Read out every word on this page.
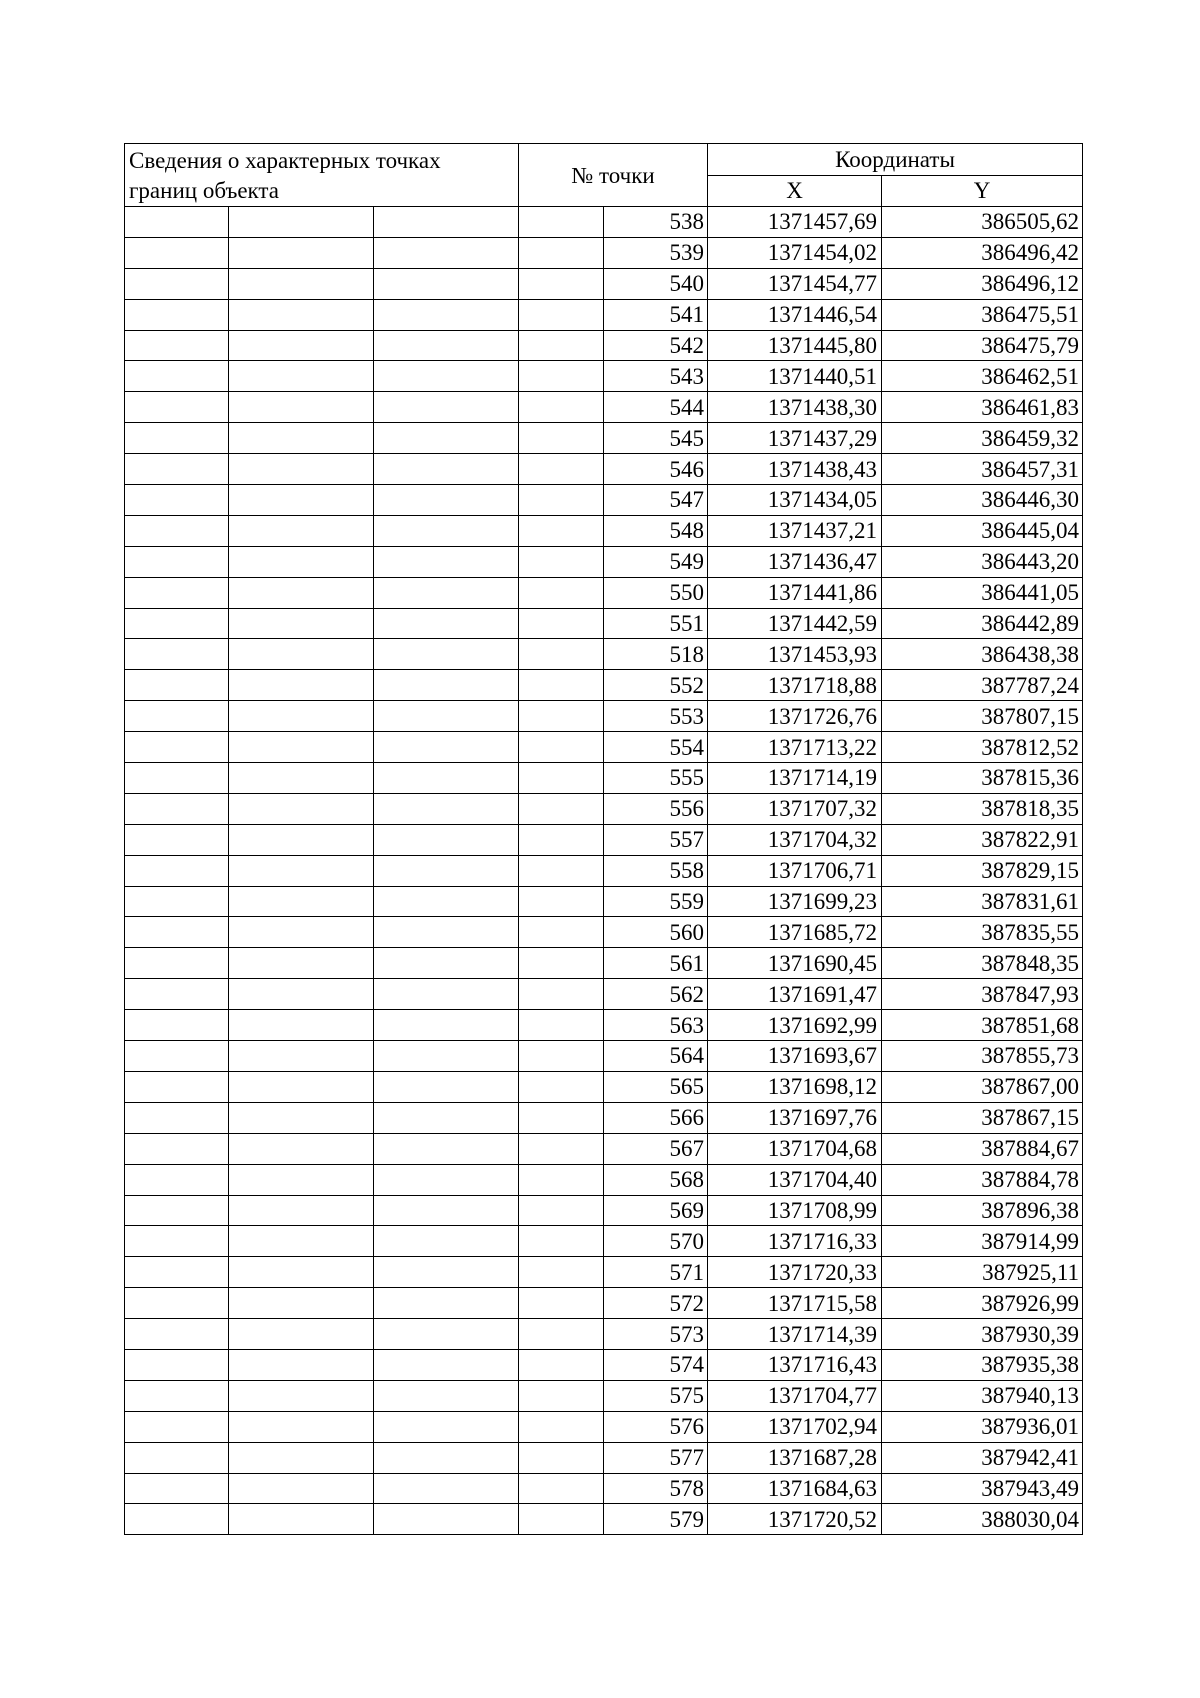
Сведения о характерных точках границ объекта			№ точки		Координаты	
					X	Y
				538	1371457,69	386505,62
				539	1371454,02	386496,42
				540	1371454,77	386496,12
				541	1371446,54	386475,51
				542	1371445,80	386475,79
				543	1371440,51	386462,51
				544	1371438,30	386461,83
				545	1371437,29	386459,32
				546	1371438,43	386457,31
				547	1371434,05	386446,30
				548	1371437,21	386445,04
				549	1371436,47	386443,20
				550	1371441,86	386441,05
				551	1371442,59	386442,89
				518	1371453,93	386438,38
				552	1371718,88	387787,24
				553	1371726,76	387807,15
				554	1371713,22	387812,52
				555	1371714,19	387815,36
				556	1371707,32	387818,35
				557	1371704,32	387822,91
				558	1371706,71	387829,15
				559	1371699,23	387831,61
				560	1371685,72	387835,55
				561	1371690,45	387848,35
				562	1371691,47	387847,93
				563	1371692,99	387851,68
				564	1371693,67	387855,73
				565	1371698,12	387867,00
				566	1371697,76	387867,15
				567	1371704,68	387884,67
				568	1371704,40	387884,78
				569	1371708,99	387896,38
				570	1371716,33	387914,99
				571	1371720,33	387925,11
				572	1371715,58	387926,99
				573	1371714,39	387930,39
				574	1371716,43	387935,38
				575	1371704,77	387940,13
				576	1371702,94	387936,01
				577	1371687,28	387942,41
				578	1371684,63	387943,49
				579	1371720,52	388030,04
